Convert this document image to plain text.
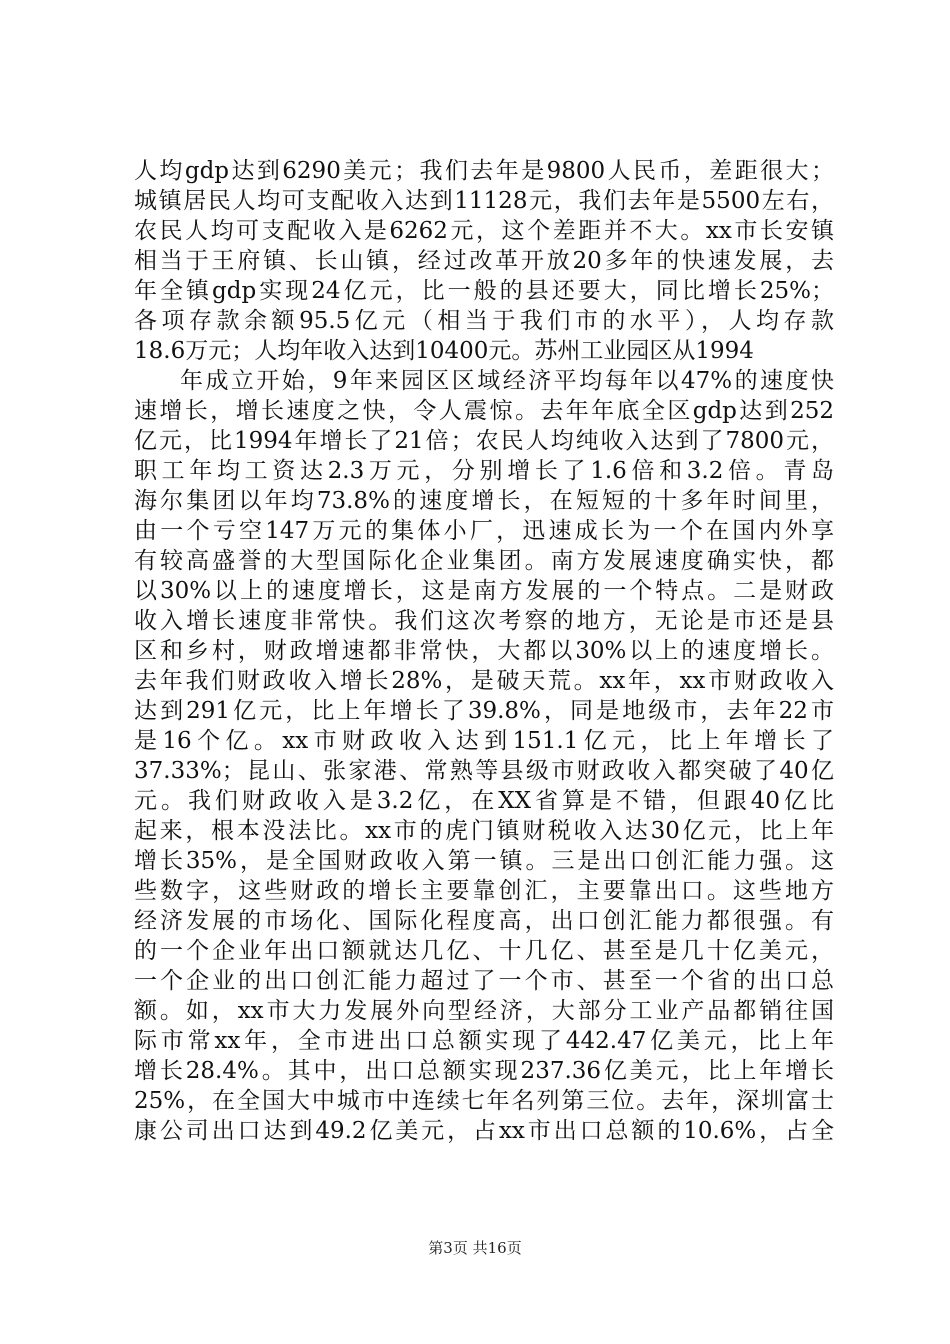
人均gdp达到6290美元；我们去年是9800人民币，差距很大；
城镇居民人均可支配收入达到11128元，我们去年是5500左右，
农民人均可支配收入是6262元，这个差距并不大。xx市长安镇
相当于王府镇、长山镇，经过改革开放20多年的快速发展，去
年全镇gdp实现24亿元，比一般的县还要大，同比增长25%；
各项存款余额95.5亿元（相当于我们市的水平），人均存款
18.6万元；人均年收入达到10400元。苏州工业园区从1994
年成立开始，9年来园区区域经济平均每年以47%的速度快
速增长，增长速度之快，令人震惊。去年年底全区gdp达到252
亿元，比1994年增长了21倍；农民人均纯收入达到了7800元，
职工年均工资达2.3万元，分别增长了1.6倍和3.2倍。青岛
海尔集团以年均73.8%的速度增长，在短短的十多年时间里，
由一个亏空147万元的集体小厂，迅速成长为一个在国内外享
有较高盛誉的大型国际化企业集团。南方发展速度确实快，都
以30%以上的速度增长，这是南方发展的一个特点。二是财政
收入增长速度非常快。我们这次考察的地方，无论是市还是县
区和乡村，财政增速都非常快，大都以30%以上的速度增长。
去年我们财政收入增长28%，是破天荒。xx年，xx市财政收入
达到291亿元，比上年增长了39.8%，同是地级市，去年22市
是16个亿。xx市财政收入达到151.1亿元，比上年增长了
37.33%；昆山、张家港、常熟等县级市财政收入都突破了40亿
元。我们财政收入是3.2亿，在XX省算是不错，但跟40亿比
起来，根本没法比。xx市的虎门镇财税收入达30亿元，比上年
增长35%，是全国财政收入第一镇。三是出口创汇能力强。这
些数字，这些财政的增长主要靠创汇，主要靠出口。这些地方
经济发展的市场化、国际化程度高，出口创汇能力都很强。有
的一个企业年出口额就达几亿、十几亿、甚至是几十亿美元，
一个企业的出口创汇能力超过了一个市、甚至一个省的出口总
额。如，xx市大力发展外向型经济，大部分工业产品都销往国
际市常xx年，全市进出口总额实现了442.47亿美元，比上年
增长28.4%。其中，出口总额实现237.36亿美元，比上年增长
25%，在全国大中城市中连续七年名列第三位。去年，深圳富士
康公司出口达到49.2亿美元，占xx市出口总额的10.6%，占全
第3页 共16页
